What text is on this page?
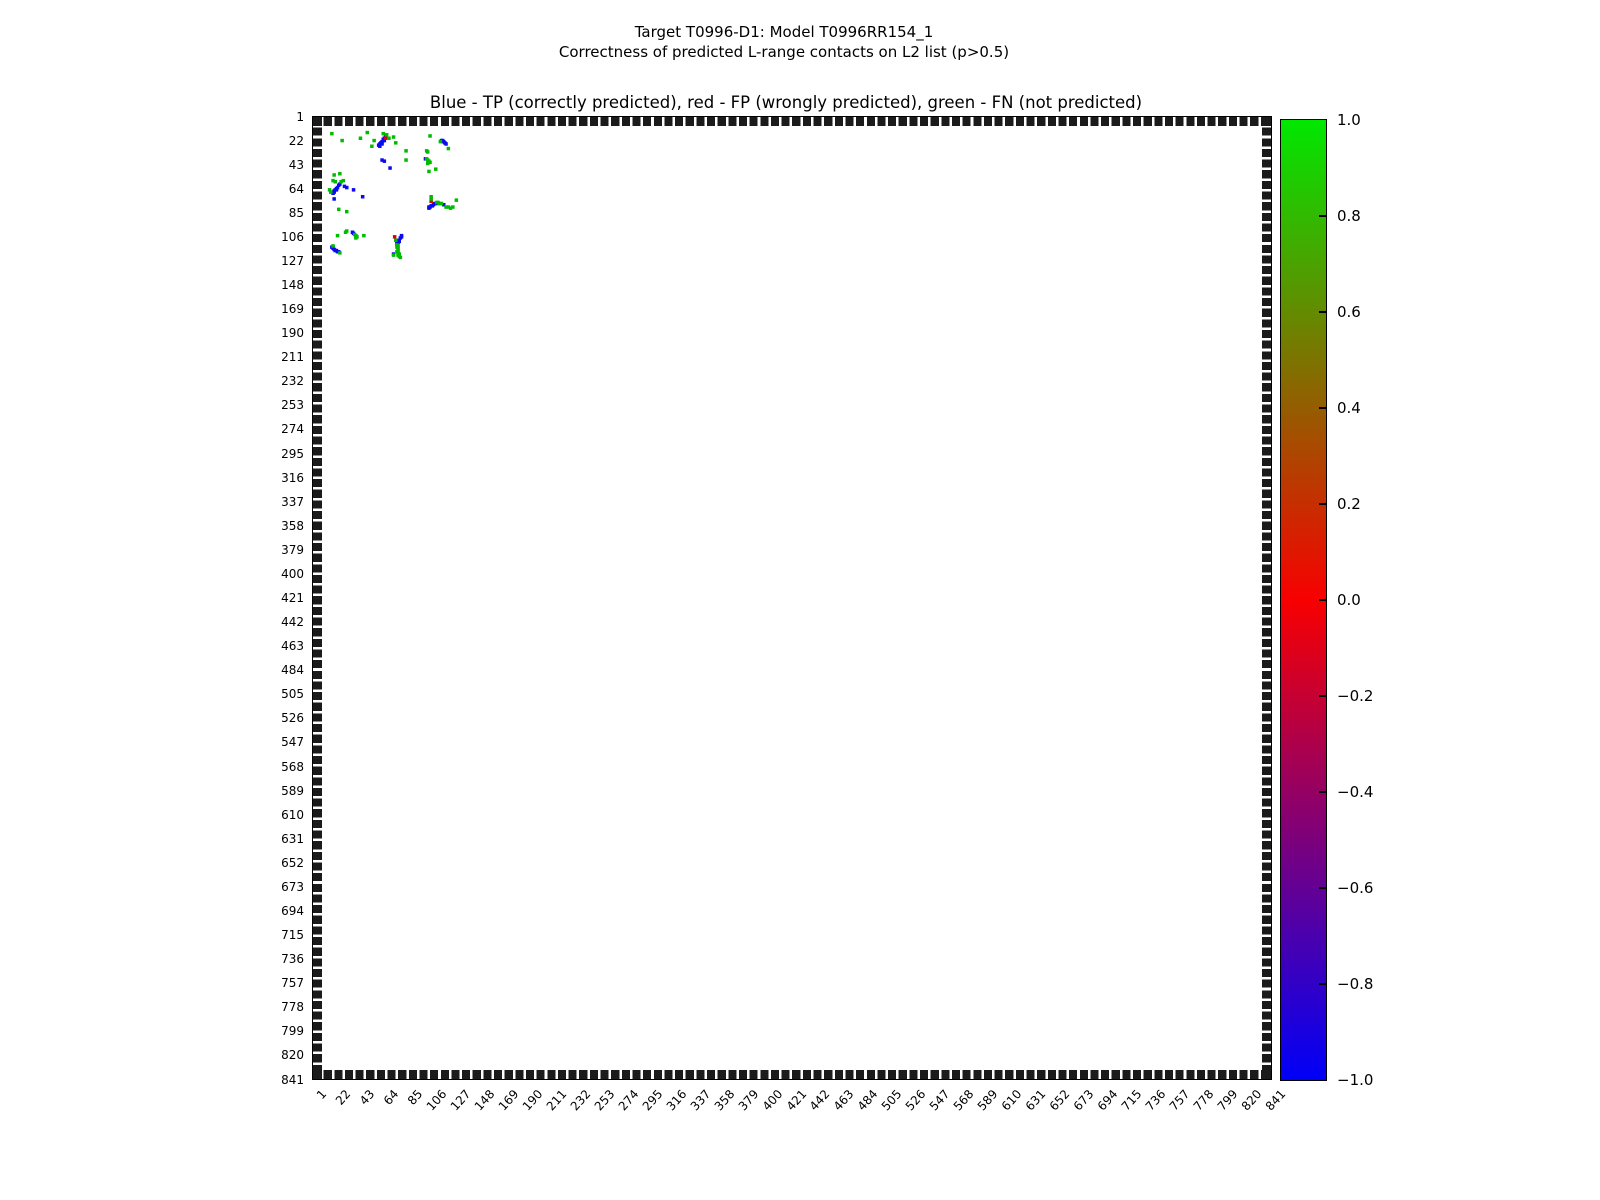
Target T0996-D1: Model T0996RR154_1
Correctness of predicted L-range contacts on L2 list (p>0.5)
Blue - TP (correctly predicted), red - FP (wrongly predicted), green - FN (not predicted)
1
22
43
64
85
106
127
148
169
190
211
232
253
274
295
316
337
358
379
400
421
442
463
484
505
526
547
568
589
610
631
652
673
694
715
736
757
778
799
820
841
1 22 43 64 85
106
127
148
169
190
211
232
253
274
295
316
337
358
379
400
421
442
463
484
505
526
547
568
589
610
631
652
673
694
715
736
757
778
799
820
841
1.0
0.8
0.6
0.4
0.2
0.0
−0.2
−0.4
−0.6
−0.8
−1.0
